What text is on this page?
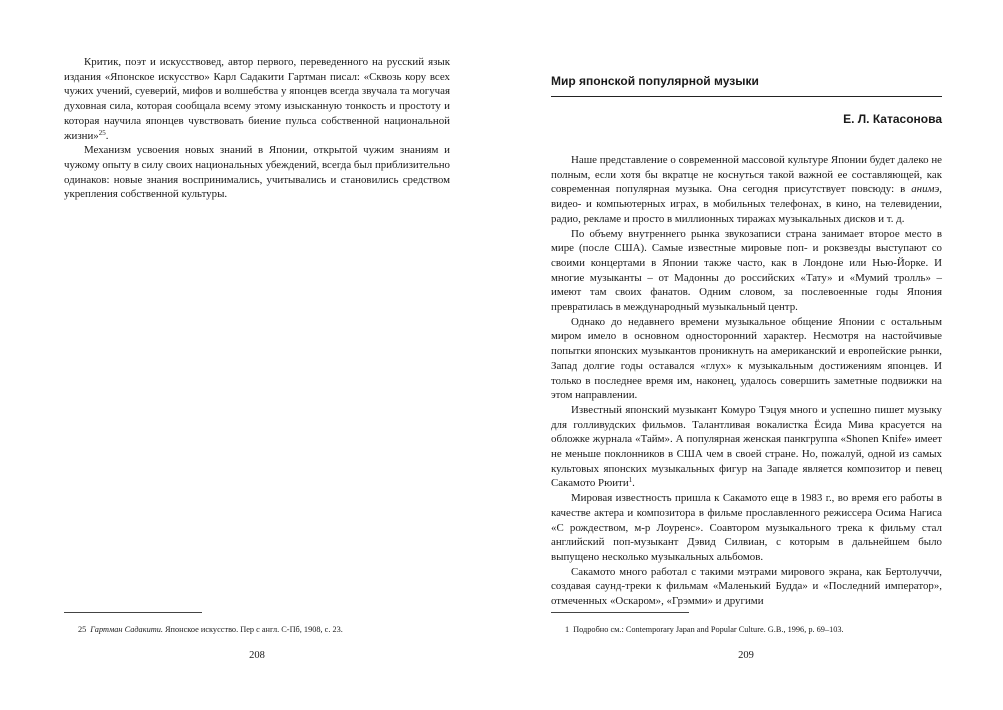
Критик, поэт и искусствовед, автор первого, переведенного на русский язык издания «Японское искусство» Карл Садакити Гартман писал: «Сквозь кору всех чужих учений, суеверий, мифов и волшебства у японцев всегда звучала та могучая духовная сила, которая сообщала всему этому изысканную тонкость и простоту и которая научила японцев чувствовать биение пульса собственной национальной жизни»$^{25}$.

Механизм усвоения новых знаний в Японии, открытой чужим знаниям и чужому опыту в силу своих национальных убеждений, всегда был приблизительно одинаков: новые знания воспринимались, учитывались и становились средством укрепления собственной культуры.

25 Гартман Садакити. Японское искусство. Пер с англ. С-Пб, 1908, с. 23.

208

Мир японской популярной музыки

Е. Л. Катасонова

Наше представление о современной массовой культуре Японии будет далеко не полным, если хотя бы вкратце не коснуться такой важной ее составляющей, как современная популярная музыка. Она сегодня присутствует повсюду: в анимэ, видео- и компьютерных играх, в мобильных телефонах, в кино, на телевидении, радио, рекламе и просто в миллионных тиражах музыкальных дисков и т. д.

По объему внутреннего рынка звукозаписи страна занимает второе место в мире (после США). Самые известные мировые поп- и рокзвезды выступают со своими концертами в Японии также часто, как в Лондоне или Нью-Йорке. И многие музыканты – от Мадонны до российских «Тату» и «Мумий тролль» – имеют там своих фанатов. Одним словом, за послевоенные годы Япония превратилась в международный музыкальный центр.

Однако до недавнего времени музыкальное общение Японии с остальным миром имело в основном односторонний характер. Несмотря на настойчивые попытки японских музыкантов проникнуть на американский и европейские рынки, Запад долгие годы оставался «глух» к музыкальным достижениям японцев. И только в последнее время им, наконец, удалось совершить заметные подвижки на этом направлении.

Известный японский музыкант Комуро Тэцуя много и успешно пишет музыку для голливудских фильмов. Талантливая вокалистка Ёсида Мива красуется на обложке журнала «Тайм». А популярная женская панкгруппа «Shonen Knife» имеет не меньше поклонников в США чем в своей стране. Но, пожалуй, одной из самых культовых японских музыкальных фигур на Западе является композитор и певец Сакамото Рюити$^1$.

Мировая известность пришла к Сакамото еще в 1983 г., во время его работы в качестве актера и композитора в фильме прославленного режиссера Осима Нагиса «С рождеством, м-р Лоуренс». Соавтором музыкального трека к фильму стал английский поп-музыкант Дэвид Силвиан, с которым в дальнейшем было выпущено несколько музыкальных альбомов.

Сакамото много работал с такими мэтрами мирового экрана, как Бертолуччи, создавая саунд-треки к фильмам «Маленький Будда» и «Последний император», отмеченных «Оскаром», «Грэмми» и другими

1 Подробно см.: Contemporary Japan and Popular Culture. G.B., 1996, p. 69–103.

209
